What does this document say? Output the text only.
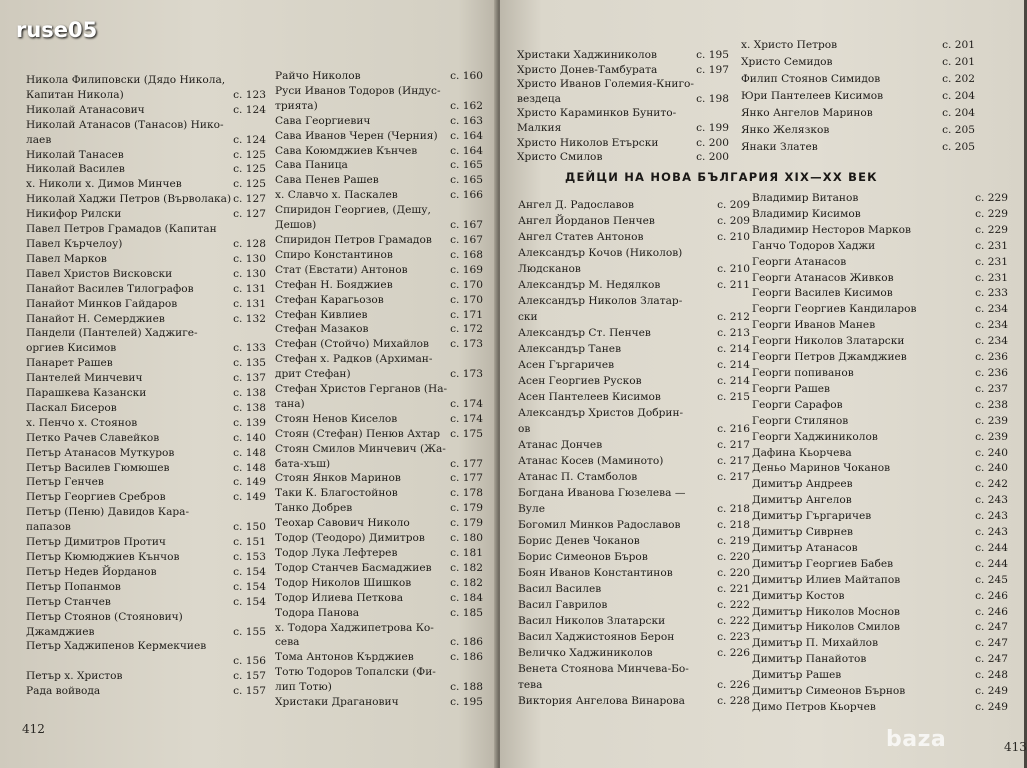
Никола Филиповски (Дядо Никола,
Капитан Никола)	с. 123
Николай Атанасович	с. 124
Николай Атанасов (Танасов) Нико-
лаев	с. 124
Николай Танасев	с. 125
Николай Василев	с. 125
х. Николи х. Димов Минчев	с. 125
Николай Хаджи Петров (Върволака) с. 127
Никифор Рилски	с. 127
Павел Петров Грамадов (Капитан
Павел Кърчелоу)	с. 128
Павел Марков	с. 130
Павел Христов Висковски	с. 130
Панайот Василев Тилографов	с. 131
Панайот Минков Гайдаров	с. 131
Панайот Н. Семерджиев	с. 132
Пандели (Пантелей) Хаджиге-
оргиев Кисимов	с. 133
Панарет Рашев	с. 135
Пантелей Минчевич	с. 137
Парашкева Казански	с. 138
Паскал Бисеров	с. 138
х. Пенчо х. Стоянов	с. 139
Петко Рачев Славейков	с. 140
Петър Атанасов Муткуров	с. 148
Петър Василев Гюмюшев	с. 148
Петър Генчев	с. 149
Петър Георгиев Сребров	с. 149
Петър (Пеню) Давидов Кара-
папазов	с. 150
Петър Димитров Протич	с. 151
Петър Кюмюджиев Кънчов	с. 153
Петър Недев Йорданов	с. 154
Петър Попанмов	с. 154
Петър Станчев	с. 154
Петър Стоянов (Стоянович)
Джамджиев	с. 155
Петър Хаджипенов Кермекчиев

с. 156
Петър х. Христов	с. 157
Рада войвода	с. 157
Райчо Николов	с. 160
Руси Иванов Тодоров (Индус-
трията)	с. 162
Сава Георгиевич	с. 163
Сава Иванов Черен (Черния)	с. 164
Сава Коюмджиев Кънчев	с. 164
Сава Паница	с. 165
Сава Пенев Рашев	с. 165
х. Славчо х. Паскалев	с. 166
Спиридон Георгиев, (Дешу,
Дешов)	с. 167
Спиридон Петров Грамадов	с. 167
Спиро Константинов	с. 168
Стат (Евстати) Антонов	с. 169
Стефан Н. Бояджиев	с. 170
Стефан Карагьозов	с. 170
Стефан Кивлиев	с. 171
Стефан Мазаков	с. 172
Стефан (Стойчо) Михайлов	с. 173
Стефан х. Радков (Архиман-
дрит Стефан)	с. 173
Стефан Христов Герганов (На-
тана)	с. 174
Стоян Ненов Киселов	с. 174
Стоян (Стефан) Пенюв Ахтар с. 175
Стоян Смилов Минчевич (Жа-
бата-хъш)	с. 177
Стоян Янков Маринов	с. 177
Таки К. Благостойнов	с. 178
Танко Добрев	с. 179
Теохар Савович Николо	с. 179
Тодор (Теодоро) Димитров	с. 180
Тодор Лука Лефтерев	с. 181
Тодор Станчев Басмаджиев	с. 182
Тодор Николов Шишков	с. 182
Тодор Илиева Петкова	с. 184
Тодора Панова	с. 185
х. Тодора Хаджипетрова Ко-
сева	с. 186
Тома Антонов Кърджиев	с. 186
Тотю Тодоров Топалски (Фи-
лип Тотю)	с. 188
Христаки Драганович	с. 195
412
Христаки Хаджиниколов	с. 195
Христо Донев-Тамбурата	с. 197
Христо Иванов Големия-Книго-
вездеца	с. 198
Христо Караминков Бунито-
Малкия	с. 199
Христо Николов Етърски	с. 200
Христо Смилов	с. 200
х. Христо Петров	с. 201
Христо Семидов	с. 201
Филип Стоянов Симидов	с. 202
Юри Пантелеев Кисимов	с. 204
Янко Ангелов Маринов	с. 204
Янко Желязков	с. 205
Янаки Златев	с. 205
Ангел Д. Радославов	с. 209
Ангел Йорданов Пенчев	с. 209
Ангел Статев Антонов	с. 210
Александър Кочов (Николов)
Людсканов	с. 210
Александър М. Недялков	с. 211
Александър Николов Златар-
ски	с. 212
Александър Ст. Пенчев	с. 213
Александър Танев	с. 214
Асен Гъргаричев	с. 214
Асен Георгиев Русков	с. 214
Асен Пантелеев Кисимов	с. 215
Александър Христов Добрин-
ов	с. 216
Атанас Дончев	с. 217
Атанас Косев (Маминото)	с. 217
Атанас П. Стамболов	с. 217
Богдана Иванова Гюзелева —
Вуле	с. 218
Богомил Минков Радославов	с. 218
Борис Денев Чоканов	с. 219
Борис Симеонов Бъров	с. 220
Боян Иванов Константинов	с. 220
Васил Василев	с. 221
Васил Гаврилов	с. 222
Васил Николов Златарски	с. 222
Васил Хаджистоянов Берон	с. 223
Величко Хаджиниколов	с. 226
Венета Стоянова Минчева-Бо-
тева	с. 226
Виктория Ангелова Винарова	с. 228
Владимир Витанов	с. 229
Владимир Кисимов	с. 229
Владимир Несторов Марков	с. 229
Ганчо Тодоров Хаджи	с. 231
Георги Атанасов	с. 231
Георги Атанасов Живков	с. 231
Георги Василев Кисимов	с. 233
Георги Георгиев Кандиларов	с. 234
Георги Иванов Манев	с. 234
Георги Николов Златарски	с. 234
Георги Петров Джамджиев	с. 236
Георги попиванов	с. 236
Георги Рашев	с. 237
Георги Сарафов	с. 238
Георги Стилянов	с. 239
Георги Хаджиниколов	с. 239
Дафина Кьорчева	с. 240
Деньо Маринов Чоканов	с. 240
Димитър Андреев	с. 242
Димитър Ангелов	с. 243
Димитър Гъргаричев	с. 243
Димитър Сиврнев	с. 243
Димитър Атанасов	с. 244
Димитър Георгиев Бабев	с. 244
Димитър Илиев Майтапов	с. 245
Димитър Костов	с. 246
Димитър Николов Моснов	с. 246
Димитър Николов Смилов	с. 247
Димитър П. Михайлов	с. 247
Димитър Панайотов	с. 247
Димитър Рашев	с. 248
Димитър Симеонов Бърнов	с. 249
Димо Петров Кьорчев	с. 249
ДЕЙЦИ НА НОВА БЪЛГАРИЯ XIX—XX ВЕК
413
ruse05
baza
